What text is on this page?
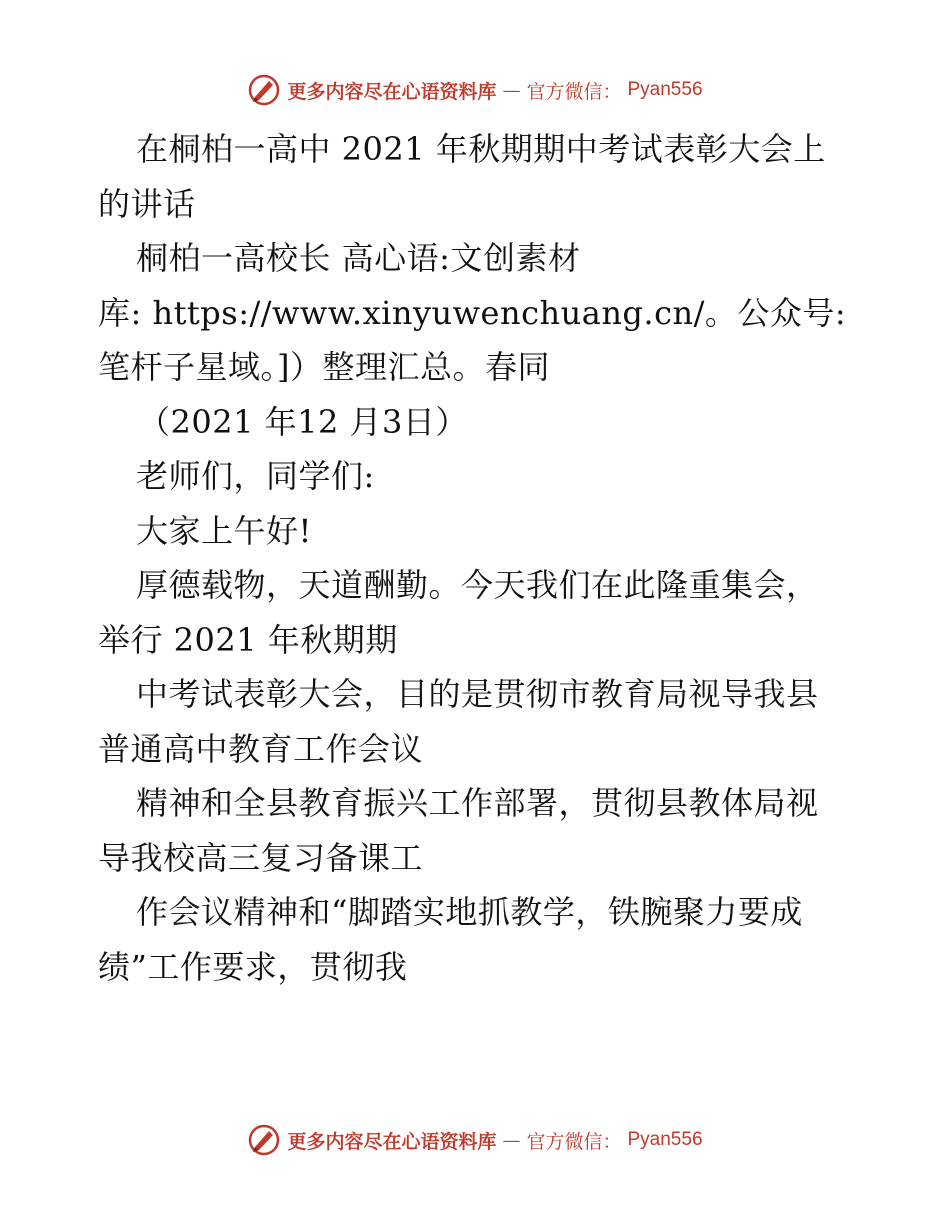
更多内容尽在心语资料库 — 官方微信： Pyan556
在桐柏一高中 2021 年秋期期中考试表彰大会上
的讲话
桐柏一高校长 高心语:文创素材
库: https://www.xinyuwenchuang.cn/。公众号:
笔杆子星域。]）整理汇总。春同
（2021 年12 月3日）
老师们，同学们:
大家上午好!
厚德载物，天道酬勤。今天我们在此隆重集会，
举行 2021 年秋期期
中考试表彰大会，目的是贯彻市教育局视导我县
普通高中教育工作会议
精神和全县教育振兴工作部署，贯彻县教体局视
导我校高三复习备课工
作会议精神和“脚踏实地抓教学，铁腕聚力要成
绩”工作要求，贯彻我
更多内容尽在心语资料库 — 官方微信： Pyan556
